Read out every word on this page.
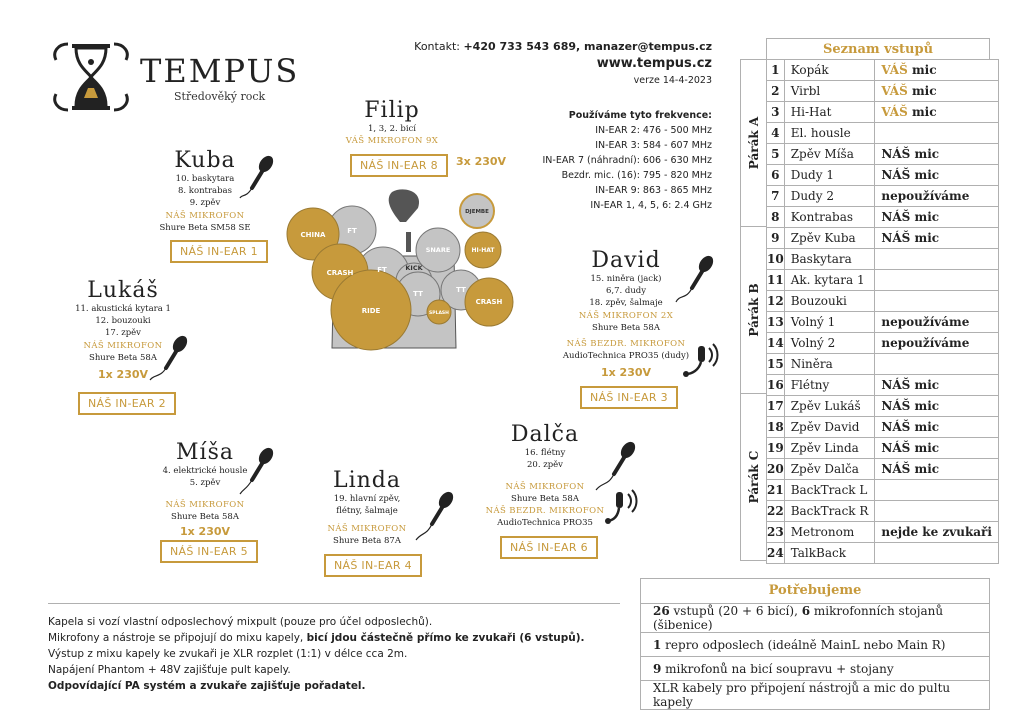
TEMPUS
Středověký rock
Kontakt: +420 733 543 689, manazer@tempus.cz
www.tempus.cz
verze 14-4-2023

Používáme tyto frekvence:

IN-EAR 2: 476 - 500 MHz

IN-EAR 3: 584 - 607 MHz

IN-EAR 7 (náhradní): 606 - 630 MHz

Bezdr. mic. (16): 795 - 820 MHz

IN-EAR 9: 863 - 865 MHz

IN-EAR 1, 4, 5, 6: 2.4 GHz

Filip
1, 3, 2. bicí
VÁŠ MIKROFON 9X
NÁŠ IN-EAR 8	3x 230V
CHINA	FT
CRASH	FT	KICK
SNARE
TT	TT
RIDE	SPLASH
CRASH
HI-HAT
DJEMBE
Kuba
10. baskytara
8. kontrabas
9. zpěv
NÁŠ MIKROFON
Shure Beta SM58 SE
NÁŠ IN-EAR 1
Lukáš
11. akustická kytara 1
12. bouzouki
17. zpěv
NÁŠ MIKROFON
Shure Beta 58A
1x 230V
NÁŠ IN-EAR 2
David
15. niněra (jack)
6,7. dudy
18. zpěv, šalmaje
NÁŠ MIKROFON 2X
Shure Beta 58A
NÁŠ BEZDR. MIKROFON
AudioTechnica PRO35 (dudy)
1x 230V
NÁŠ IN-EAR 3
Míša
4. elektrické housle
5. zpěv
NÁŠ MIKROFON
Shure Beta 58A
1x 230V
NÁŠ IN-EAR 5
Linda
19. hlavní zpěv,
flétny, šalmaje
NÁŠ MIKROFON
Shure Beta 87A
NÁŠ IN-EAR 4
Dalča
16. flétny
20. zpěv
NÁŠ MIKROFON
Shure Beta 58A
NÁŠ BEZDR. MIKROFON
AudioTechnica PRO35
NÁŠ IN-EAR 6
Seznam vstupů
Párák A
Párák B
Párák C
1	Kopák	VÁŠ mic
2	Virbl	VÁŠ mic
3	Hi-Hat	VÁŠ mic
4	El. housle	
5	Zpěv Míša	NÁŠ mic
6	Dudy 1	NÁŠ mic
7	Dudy 2	nepoužíváme
8	Kontrabas	NÁŠ mic
9	Zpěv Kuba	NÁŠ mic
10	Baskytara	
11	Ak. kytara 1	
12	Bouzouki	
13	Volný 1	nepoužíváme
14	Volný 2	nepoužíváme
15	Niněra	
16	Flétny	NÁŠ mic
17	Zpěv Lukáš	NÁŠ mic
18	Zpěv David	NÁŠ mic
19	Zpěv Linda	NÁŠ mic
20	Zpěv Dalča	NÁŠ mic
21	BackTrack L	
22	BackTrack R	
23	Metronom	nejde ke zvukaři
24	TalkBack	
Potřebujeme
26 vstupů (20 + 6 bicí), 6 mikrofonních stojanů (šibenice)
1 repro odposlech (ideálně MainL nebo Main R)
9 mikrofonů na bicí soupravu + stojany
XLR kabely pro připojení nástrojů a mic do pultu kapely

Kapela si vozí vlastní odposlechový mixpult (pouze pro účel odposlechů).

Mikrofony a nástroje se připojují do mixu kapely, bicí jdou částečně přímo ke zvukaři (6 vstupů).

Výstup z mixu kapely ke zvukaři je XLR rozplet (1:1) v délce cca 2m.

Napájení Phantom + 48V zajišťuje pult kapely.

Odpovídající PA systém a zvukaře zajišťuje pořadatel.
